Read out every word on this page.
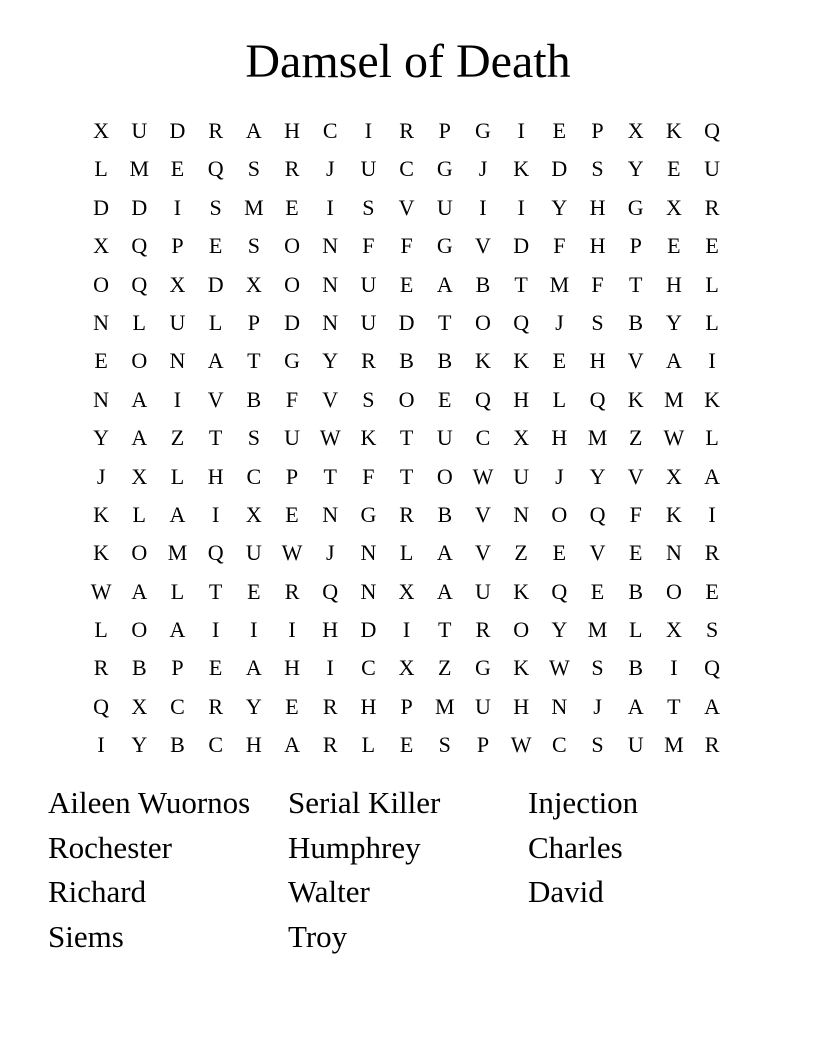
Damsel of Death
X	U	D	R	A	H	C	I	R	P	G	I	E	P	X	K	Q
L M E	Q	S	R	J	U	C	G	J	K	D	S	Y	E	U
D	D	I	S	M E	I	S	V	U	I	I	Y	H	G	X	R
X	Q	P	E	S	O	N	F	F	G	V	D	F	H	P	E	E
O	Q	X	D	X	O	N	U	E	A	B	T M	F	T	H	L
N	L	U	L	P	D	N	U	D	T	O	Q	J	S	B	Y	L
E	O	N	A	T	G	Y	R	B	B	K	K	E	H	V	A	I
N	A	I	V	B	F	V	S	O	E	Q	H	L	Q	K M K
Y	A	Z	T	S	U W K	T	U	C	X	H M Z W L
J	X	L	H	C	P	T	F	T	O W U	J	Y	V	X	A
K	L	A	I	X	E	N	G	R	B	V	N	O	Q	F	K	I
K	O M Q	U W	J	N	L	A	V	Z	E	V	E	N	R
W A	L	T	E	R	Q	N	X	A	U	K	Q	E	B	O	E
L	O	A	I	I	I	H	D	I	T	R	O	Y M L	X	S
R	B	P	E	A	H	I	C	X	Z	G	K W S	B	I	Q
Q	X	C	R	Y	E	R	H	P	M U	H	N	J	A	T	A
I	Y	B	C	H	A	R	L	E	S	P W C	S	U M R
Aileen Wuornos	Serial Killer	Injection
Rochester	Humphrey	Charles
Richard	Walter	David
Siems	Troy
